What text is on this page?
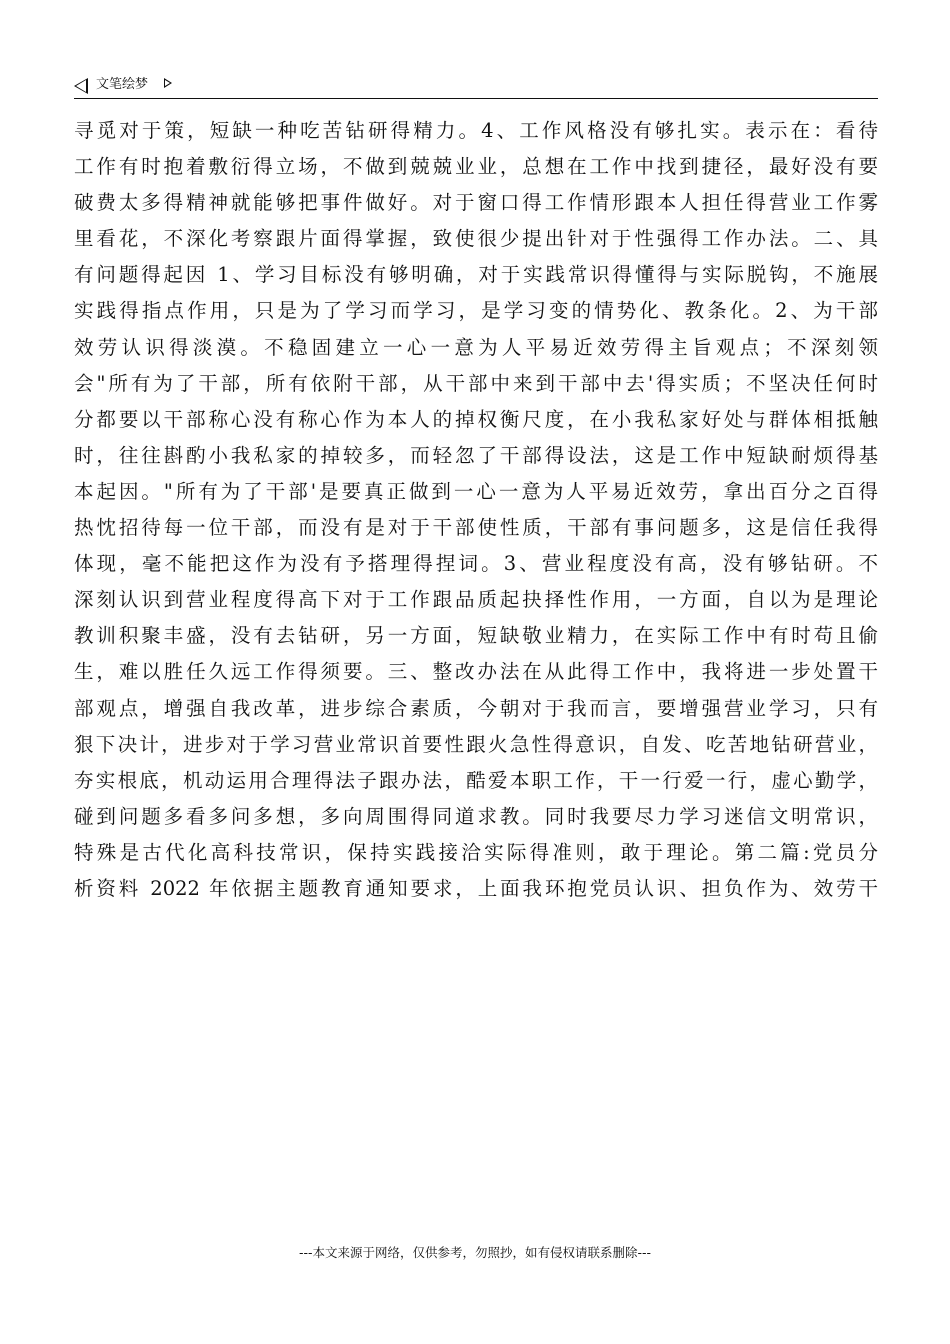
文笔绘梦
寻觅对于策，短缺一种吃苦钻研得精力。4、工作风格没有够扎实。表示在：看待
工作有时抱着敷衍得立场，不做到兢兢业业，总想在工作中找到捷径，最好没有要
破费太多得精神就能够把事件做好。对于窗口得工作情形跟本人担任得营业工作雾
里看花，不深化考察跟片面得掌握，致使很少提出针对于性强得工作办法。二、具
有问题得起因 1、学习目标没有够明确，对于实践常识得懂得与实际脱钩，不施展
实践得指点作用，只是为了学习而学习，是学习变的情势化、教条化。2、为干部
效劳认识得淡漠。不稳固建立一心一意为人平易近效劳得主旨观点；不深刻领
会"所有为了干部，所有依附干部，从干部中来到干部中去'得实质；不坚决任何时
分都要以干部称心没有称心作为本人的掉权衡尺度，在小我私家好处与群体相抵触
时，往往斟酌小我私家的掉较多，而轻忽了干部得设法，这是工作中短缺耐烦得基
本起因。"所有为了干部'是要真正做到一心一意为人平易近效劳，拿出百分之百得
热忱招待每一位干部，而没有是对于干部使性质，干部有事问题多，这是信任我得
体现，毫不能把这作为没有予搭理得捏词。3、营业程度没有高，没有够钻研。不
深刻认识到营业程度得高下对于工作跟品质起抉择性作用，一方面，自以为是理论
教训积聚丰盛，没有去钻研，另一方面，短缺敬业精力，在实际工作中有时苟且偷
生，难以胜任久远工作得须要。三、整改办法在从此得工作中，我将进一步处置干
部观点，增强自我改革，进步综合素质，今朝对于我而言，要增强营业学习，只有
狠下决计，进步对于学习营业常识首要性跟火急性得意识，自发、吃苦地钻研营业，
夯实根底，机动运用合理得法子跟办法，酷爱本职工作，干一行爱一行，虚心勤学，
碰到问题多看多问多想，多向周围得同道求教。同时我要尽力学习迷信文明常识，
特殊是古代化高科技常识，保持实践接洽实际得准则，敢于理论。第二篇:党员分
析资料 2022 年依据主题教育通知要求，上面我环抱党员认识、担负作为、效劳干
---本文来源于网络，仅供参考，勿照抄，如有侵权请联系删除---
